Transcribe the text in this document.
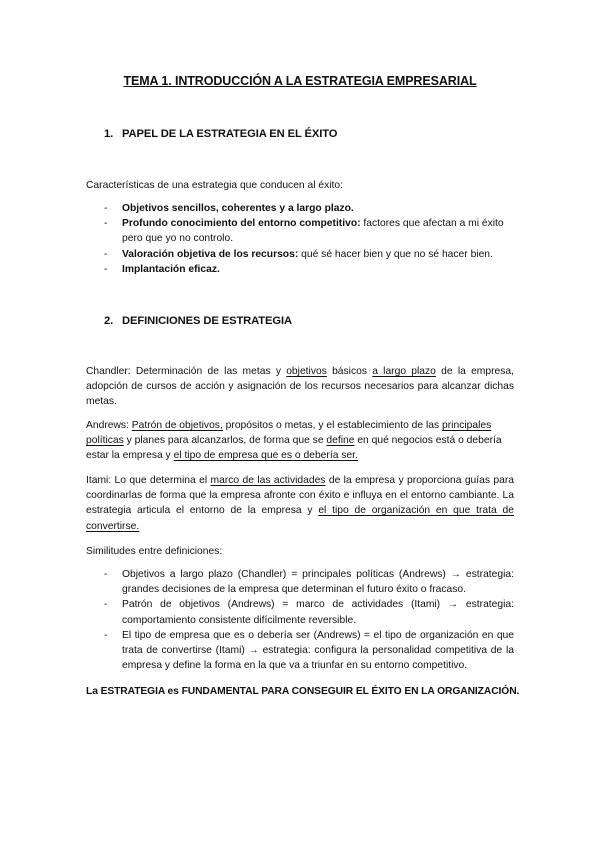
TEMA 1. INTRODUCCIÓN A LA ESTRATEGIA EMPRESARIAL
1. PAPEL DE LA ESTRATEGIA EN EL ÉXITO
Características de una estrategia que conducen al éxito:
- Objetivos sencillos, coherentes y a largo plazo.
- Profundo conocimiento del entorno competitivo: factores que afectan a mi éxito pero que yo no controlo.
- Valoración objetiva de los recursos: qué sé hacer bien y que no sé hacer bien.
- Implantación eficaz.
2. DEFINICIONES DE ESTRATEGIA
Chandler: Determinación de las metas y objetivos básicos a largo plazo de la empresa, adopción de cursos de acción y asignación de los recursos necesarios para alcanzar dichas metas.
Andrews: Patrón de objetivos, propósitos o metas, y el establecimiento de las principales políticas y planes para alcanzarlos, de forma que se define en qué negocios está o debería estar la empresa y el tipo de empresa que es o debería ser.
Itami: Lo que determina el marco de las actividades de la empresa y proporciona guías para coordinarlas de forma que la empresa afronte con éxito e influya en el entorno cambiante. La estrategia articula el entorno de la empresa y el tipo de organización en que trata de convertirse.
Similitudes entre definiciones:
- Objetivos a largo plazo (Chandler) = principales políticas (Andrews) → estrategia: grandes decisiones de la empresa que determinan el futuro éxito o fracaso.
- Patrón de objetivos (Andrews) = marco de actividades (Itami) → estrategia: comportamiento consistente difícilmente reversible.
- El tipo de empresa que es o debería ser (Andrews) = el tipo de organización en que trata de convertirse (Itami) → estrategia: configura la personalidad competitiva de la empresa y define la forma en la que va a triunfar en su entorno competitivo.
La ESTRATEGIA es FUNDAMENTAL PARA CONSEGUIR EL ÉXITO EN LA ORGANIZACIÓN.
